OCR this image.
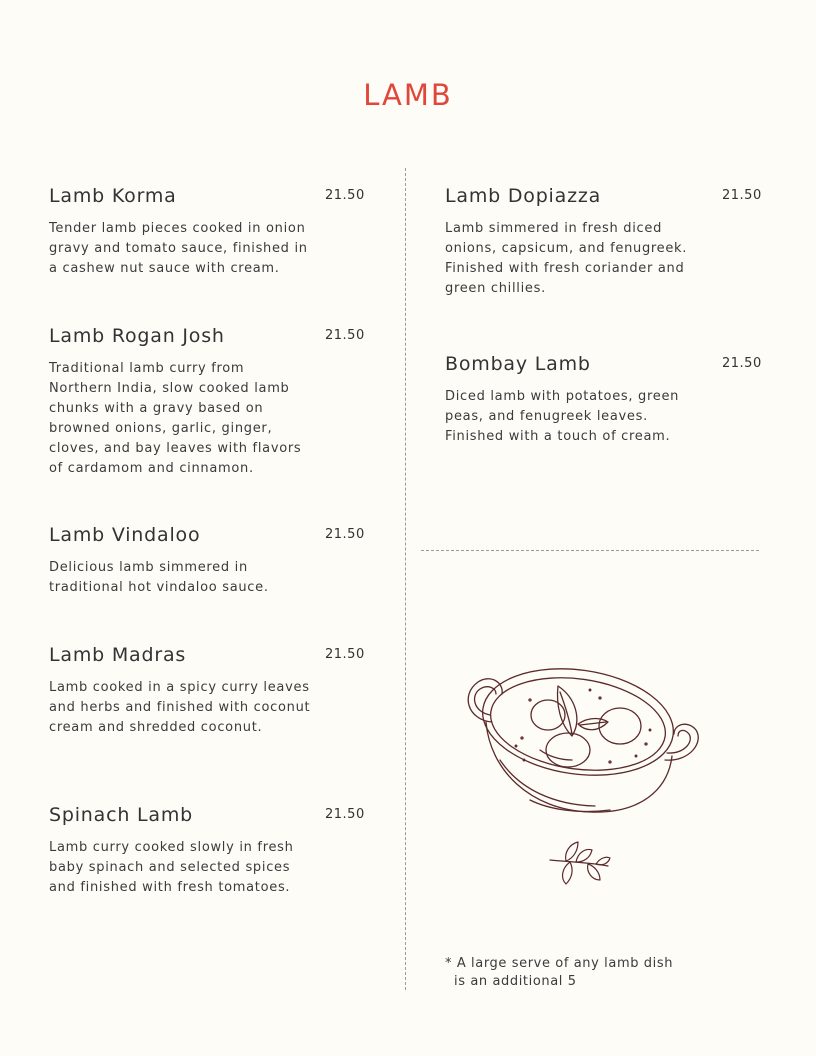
LAMB
Lamb Korma	21.50
Tender lamb pieces cooked in onion gravy and tomato sauce, finished in a cashew nut sauce with cream.
Lamb Rogan Josh	21.50
Traditional lamb curry from Northern India, slow cooked lamb chunks with a gravy based on browned onions, garlic, ginger, cloves, and bay leaves with flavors of cardamom and cinnamon.
Lamb Vindaloo	21.50
Delicious lamb simmered in traditional hot vindaloo sauce.
Lamb Madras	21.50
Lamb cooked in a spicy curry leaves and herbs and finished with coconut cream and shredded coconut.
Spinach Lamb	21.50
Lamb curry cooked slowly in fresh baby spinach and selected spices and finished with fresh tomatoes.
Lamb Dopiazza	21.50
Lamb simmered in fresh diced onions, capsicum, and fenugreek. Finished with fresh coriander and green chillies.
Bombay Lamb	21.50
Diced lamb with potatoes, green peas, and fenugreek leaves. Finished with a touch of cream.
* A large serve of any lamb dish
is an additional 5
